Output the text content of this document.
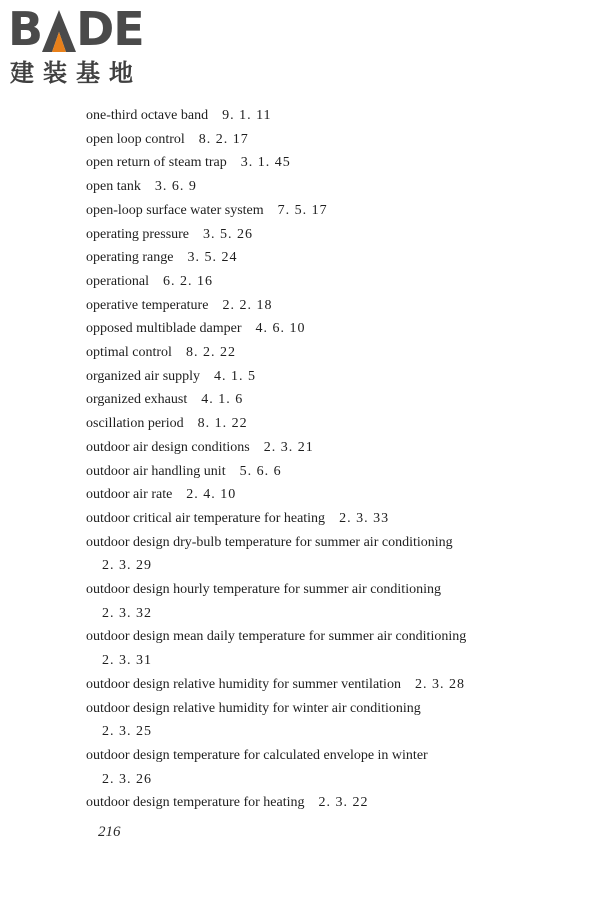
B DE
建装基地
one-third octave band 9. 1. 11
open loop control 8. 2. 17
open return of steam trap 3. 1. 45
open tank 3. 6. 9
open-loop surface water system 7. 5. 17
operating pressure 3. 5. 26
operating range 3. 5. 24
operational 6. 2. 16
operative temperature 2. 2. 18
opposed multiblade damper 4. 6. 10
optimal control 8. 2. 22
organized air supply 4. 1. 5
organized exhaust 4. 1. 6
oscillation period 8. 1. 22
outdoor air design conditions 2. 3. 21
outdoor air handling unit 5. 6. 6
outdoor air rate 2. 4. 10
outdoor critical air temperature for heating 2. 3. 33
outdoor design dry-bulb temperature for summer air conditioning
2. 3. 29
outdoor design hourly temperature for summer air conditioning
2. 3. 32
outdoor design mean daily temperature for summer air conditioning
2. 3. 31
outdoor design relative humidity for summer ventilation 2. 3. 28
outdoor design relative humidity for winter air conditioning
2. 3. 25
outdoor design temperature for calculated envelope in winter
2. 3. 26
outdoor design temperature for heating 2. 3. 22
216
